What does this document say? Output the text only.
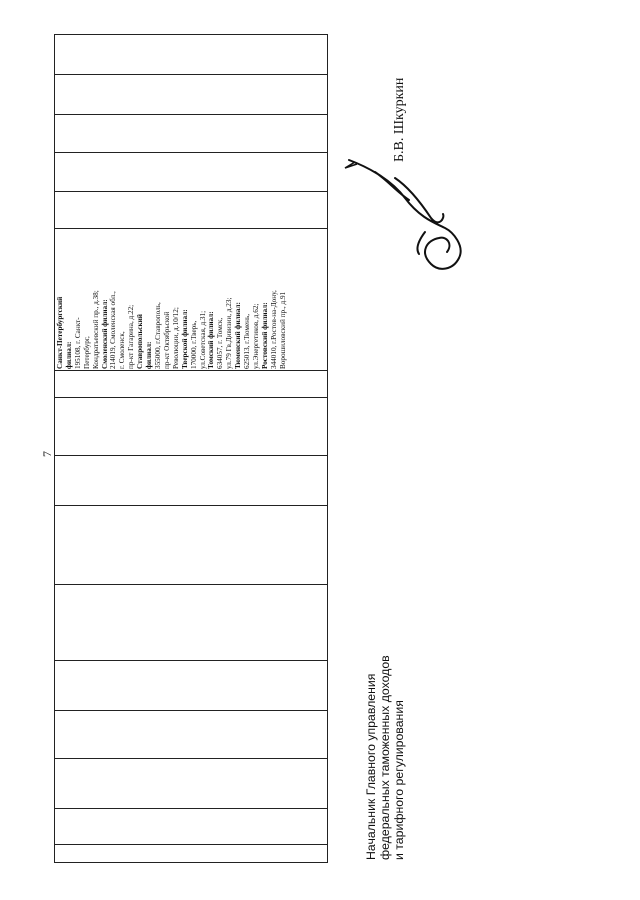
7
Санкт-Петербургский филиал: 195108, г. Санкт- Петербург, Кондратьевский пр., д.38; Смоленский филиал: 214019, Смоленская обл., г. Смоленск, пр-кт Гагарина, д.22; Ставропольский филиал: 355000, г.Ставрополь, пр-кт Октябрьской Революции, д.10/12; Тверской филиал: 170000, г.Тверь, ул.Советская, д.31; Томский филиал: 634057, г. Томск, ул.79 Гв.Дивизии, д.23; Тюменский филиал: 625013, г.Тюмень, ул.Энергетиков, д.62; Ростовский филиал: 344010, г.Ростов-на-Дону, Ворошиловский пр., д.91
Начальник Главного управления федеральных таможенных доходов и тарифного регулирования
Б.В. Шкуркин
